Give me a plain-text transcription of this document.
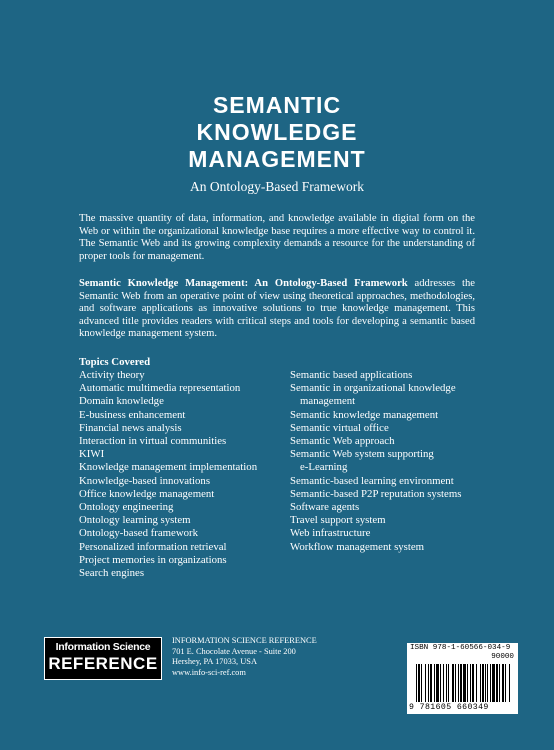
SEMANTIC
KNOWLEDGE
MANAGEMENT
An Ontology-Based Framework

The massive quantity of data, information, and knowledge available in digital form on the Web or within the organizational knowledge base requires a more effective way to control it. The Semantic Web and its growing complexity demands a resource for the understanding of proper tools for management.

Semantic Knowledge Management: An Ontology-Based Framework addresses the Semantic Web from an operative point of view using theoretical approaches, methodologies, and software applications as innovative solutions to true knowledge management. This advanced title provides readers with critical steps and tools for developing a semantic based knowledge management system.

Topics Covered
Activity theory
Automatic multimedia representation
Domain knowledge
E-business enhancement
Financial news analysis
Interaction in virtual communities
KIWI
Knowledge management implementation
Knowledge-based innovations
Office knowledge management
Ontology engineering
Ontology learning system
Ontology-based framework
Personalized information retrieval
Project memories in organizations
Search engines
Semantic based applications
Semantic in organizational knowledge
management
Semantic knowledge management
Semantic virtual office
Semantic Web approach
Semantic Web system supporting
e-Learning
Semantic-based learning environment
Semantic-based P2P reputation systems
Software agents
Travel support system
Web infrastructure
Workflow management system
Information Science
REFERENCE
INFORMATION SCIENCE REFERENCE
701 E. Chocolate Avenue - Suite 200
Hershey, PA 17033, USA
www.info-sci-ref.com
ISBN 978-1-60566-034-9
90000
9 781605 660349
